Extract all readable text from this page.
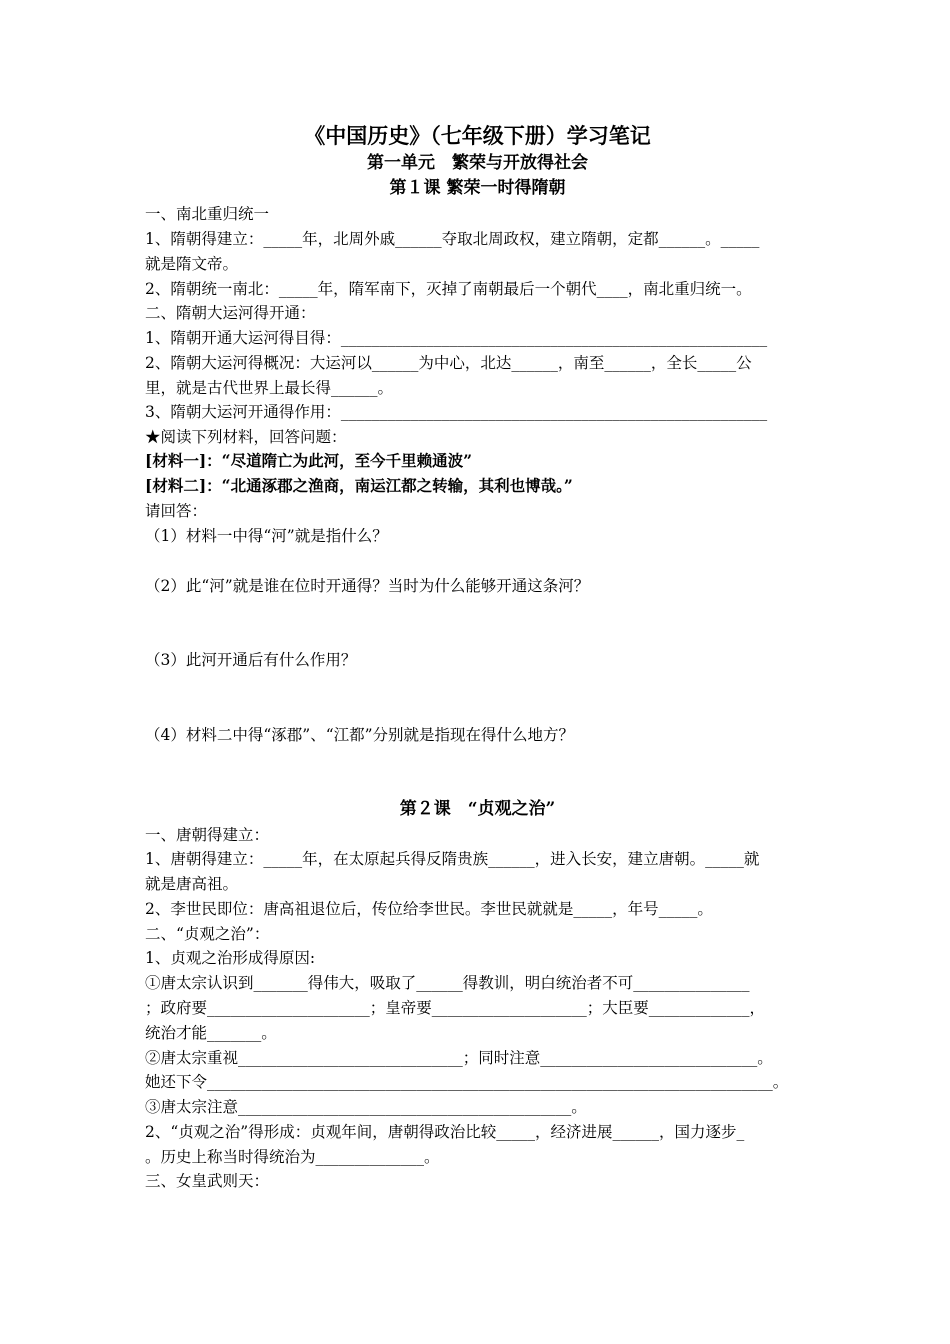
《中国历史》（七年级下册）学习笔记
第一单元　繁荣与开放得社会
第１课 繁荣一时得隋朝
一、南北重归统一
1、隋朝得建立：_____年，北周外戚______夺取北周政权，建立隋朝，定都______。_____
就是隋文帝。
2、隋朝统一南北：_____年，隋军南下，灭掉了南朝最后一个朝代____，南北重归统一。
二、隋朝大运河得开通：
1、隋朝开通大运河得目得：_______________________________________________________
2、隋朝大运河得概况：大运河以______为中心，北达______，南至______，全长_____公
里，就是古代世界上最长得______。
3、隋朝大运河开通得作用：_______________________________________________________
★阅读下列材料，回答问题：
[材料一]：“尽道隋亡为此河，至今千里赖通波”
[材料二]：“北通涿郡之渔商，南运江都之转输，其利也博哉。”
请回答：
（1）材料一中得“河”就是指什么？
（2）此“河”就是谁在位时开通得？当时为什么能够开通这条河？
（3）此河开通后有什么作用？
（4）材料二中得“涿郡”、“江都”分别就是指现在得什么地方？
第２课　“贞观之治”
一、唐朝得建立：
1、唐朝得建立：_____年，在太原起兵得反隋贵族______，进入长安，建立唐朝。_____就
就是唐高祖。
2、李世民即位：唐高祖退位后，传位给李世民。李世民就就是_____，年号_____。
二、“贞观之治”：
1、贞观之治形成得原因:
①唐太宗认识到_______得伟大，吸取了______得教训，明白统治者不可_______________
；政府要_____________________；皇帝要____________________；大臣要_____________，
统治才能_______。
②唐太宗重视_____________________________；同时注意____________________________。
她还下令_________________________________________________________________________。
③唐太宗注意___________________________________________。
2、“贞观之治”得形成：贞观年间，唐朝得政治比较_____，经济进展______，国力逐步_
。历史上称当时得统治为______________。
三、女皇武则天：
